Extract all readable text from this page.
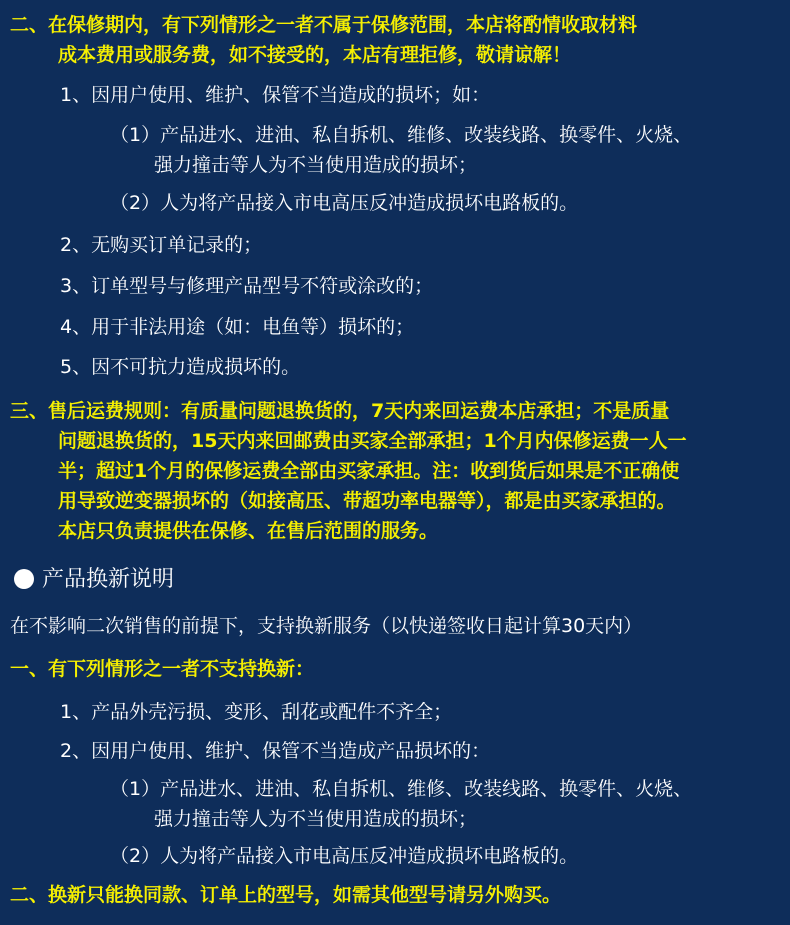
二、在保修期内，有下列情形之一者不属于保修范围，本店将酌情收取材料
成本费用或服务费，如不接受的，本店有理拒修，敬请谅解！
1、因用户使用、维护、保管不当造成的损坏；如：
（1）产品进水、进油、私自拆机、维修、改装线路、换零件、火烧、
强力撞击等人为不当使用造成的损坏；
（2）人为将产品接入市电高压反冲造成损坏电路板的。
2、无购买订单记录的；
3、订单型号与修理产品型号不符或涂改的；
4、用于非法用途（如：电鱼等）损坏的；
5、因不可抗力造成损坏的。
三、售后运费规则：有质量问题退换货的，7天内来回运费本店承担；不是质量
问题退换货的，15天内来回邮费由买家全部承担；1个月内保修运费一人一
半；超过1个月的保修运费全部由买家承担。注：收到货后如果是不正确使
用导致逆变器损坏的（如接高压、带超功率电器等），都是由买家承担的。
本店只负责提供在保修、在售后范围的服务。
产品换新说明
在不影响二次销售的前提下，支持换新服务（以快递签收日起计算30天内）
一、有下列情形之一者不支持换新：
1、产品外壳污损、变形、刮花或配件不齐全；
2、因用户使用、维护、保管不当造成产品损坏的：
（1）产品进水、进油、私自拆机、维修、改装线路、换零件、火烧、
强力撞击等人为不当使用造成的损坏；
（2）人为将产品接入市电高压反冲造成损坏电路板的。
二、换新只能换同款、订单上的型号，如需其他型号请另外购买。
